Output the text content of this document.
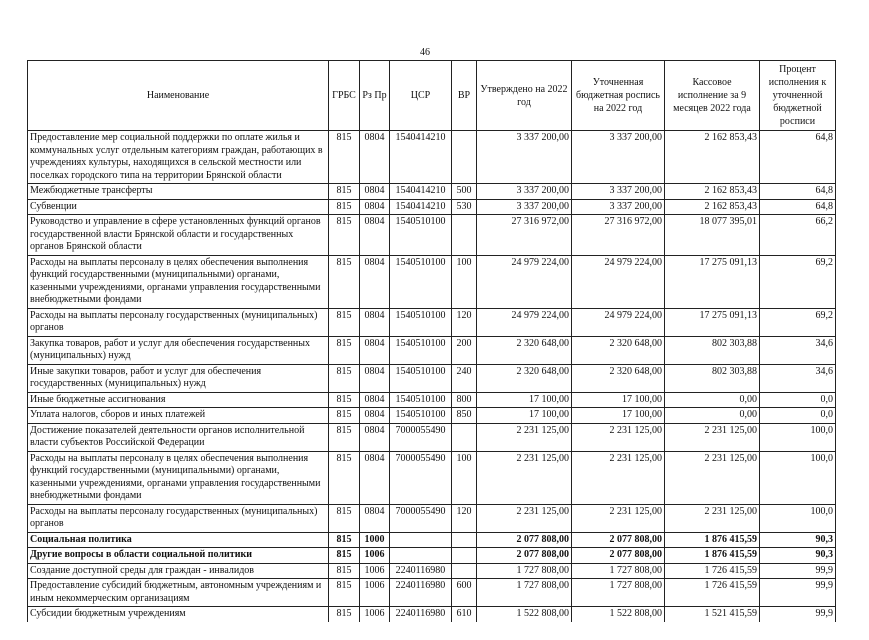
46
Наименование	ГРБС	Рз Пр	ЦСР	ВР	Утверждено на 2022 год	Уточненная бюджетная роспись на 2022 год	Кассовое исполнение за 9 месяцев 2022 года	Процент исполнения к уточненной бюджетной росписи
Предоставление мер социальной поддержки по оплате жилья и коммунальных услуг отдельным категориям граждан, работающих в учреждениях культуры, находящихся в сельской местности или поселках городского типа на территории Брянской области	815	0804	1540414210		3 337 200,00	3 337 200,00	2 162 853,43	64,8
Межбюджетные трансферты	815	0804	1540414210	500	3 337 200,00	3 337 200,00	2 162 853,43	64,8
Субвенции	815	0804	1540414210	530	3 337 200,00	3 337 200,00	2 162 853,43	64,8
Руководство и управление в сфере установленных функций органов государственной власти Брянской области и государственных органов Брянской области	815	0804	1540510100		27 316 972,00	27 316 972,00	18 077 395,01	66,2
Расходы на выплаты персоналу в целях обеспечения выполнения функций государственными (муниципальными) органами, казенными учреждениями, органами управления государственными внебюджетными фондами	815	0804	1540510100	100	24 979 224,00	24 979 224,00	17 275 091,13	69,2
Расходы на выплаты персоналу государственных (муниципальных) органов	815	0804	1540510100	120	24 979 224,00	24 979 224,00	17 275 091,13	69,2
Закупка товаров, работ и услуг для обеспечения государственных (муниципальных) нужд	815	0804	1540510100	200	2 320 648,00	2 320 648,00	802 303,88	34,6
Иные закупки товаров, работ и услуг для обеспечения государственных (муниципальных) нужд	815	0804	1540510100	240	2 320 648,00	2 320 648,00	802 303,88	34,6
Иные бюджетные ассигнования	815	0804	1540510100	800	17 100,00	17 100,00	0,00	0,0
Уплата налогов, сборов и иных платежей	815	0804	1540510100	850	17 100,00	17 100,00	0,00	0,0
Достижение показателей деятельности органов исполнительной власти субъектов Российской Федерации	815	0804	7000055490		2 231 125,00	2 231 125,00	2 231 125,00	100,0
Расходы на выплаты персоналу в целях обеспечения выполнения функций государственными (муниципальными) органами, казенными учреждениями, органами управления государственными внебюджетными фондами	815	0804	7000055490	100	2 231 125,00	2 231 125,00	2 231 125,00	100,0
Расходы на выплаты персоналу государственных (муниципальных) органов	815	0804	7000055490	120	2 231 125,00	2 231 125,00	2 231 125,00	100,0
Социальная политика	815	1000			2 077 808,00	2 077 808,00	1 876 415,59	90,3
Другие вопросы в области социальной политики	815	1006			2 077 808,00	2 077 808,00	1 876 415,59	90,3
Создание доступной среды для граждан - инвалидов	815	1006	2240116980		1 727 808,00	1 727 808,00	1 726 415,59	99,9
Предоставление субсидий бюджетным, автономным учреждениям и иным некоммерческим организациям	815	1006	2240116980	600	1 727 808,00	1 727 808,00	1 726 415,59	99,9
Субсидии бюджетным учреждениям	815	1006	2240116980	610	1 522 808,00	1 522 808,00	1 521 415,59	99,9
